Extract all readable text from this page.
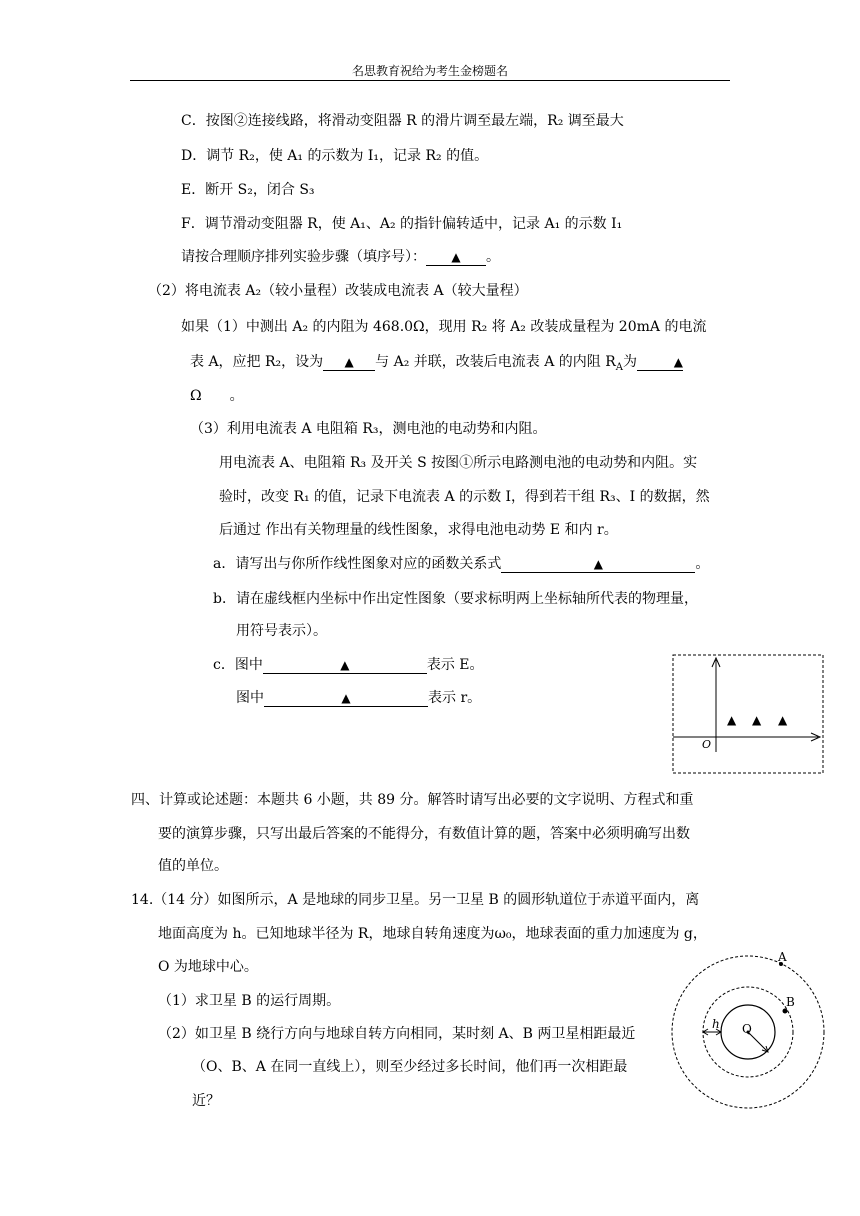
名思教育祝给为考生金榜题名
C．按图②连接线路，将滑动变阻器 R 的滑片调至最左端，R₂ 调至最大
D．调节 R₂，使 A₁ 的示数为 I₁，记录 R₂ 的值。
E．断开 S₂，闭合 S₃
F．调节滑动变阻器 R，使 A₁、A₂ 的指针偏转适中，记录 A₁ 的示数 I₁
请按合理顺序排列实验步骤（填序号）： ▲ 。
（2）将电流表 A₂（较小量程）改装成电流表 A（较大量程）
如果（1）中测出 A₂ 的内阻为 468.0Ω，现用 R₂ 将 A₂ 改装成量程为 20mA 的电流
表 A，应把 R₂，设为 ▲ 与 A₂ 并联，改装后电流表 A 的内阻 $R_A$为	▲
Ω　　。
（3）利用电流表 A 电阻箱 R₃，测电池的电动势和内阻。
用电流表 A、电阻箱 R₃ 及开关 S 按图①所示电路测电池的电动势和内阻。实
验时，改变 R₁ 的值，记录下电流表 A 的示数 I，得到若干组 R₃、I 的数据，然
后通过 作出有关物理量的线性图象，求得电池电动势 E 和内 r。
a．请写出与你所作线性图象对应的函数关系式	▲	。
b．请在虚线框内坐标中作出定性图象（要求标明两上坐标轴所代表的物理量，
用符号表示）。
c．图中	▲	表示 E。
图中	▲	表示 r。
O
▲ ▲ ▲
四、计算或论述题：本题共 6 小题，共 89 分。解答时请写出必要的文字说明、方程式和重
要的演算步骤，只写出最后答案的不能得分，有数值计算的题，答案中必须明确写出数
值的单位。
14.（14 分）如图所示，A 是地球的同步卫星。另一卫星 B 的圆形轨道位于赤道平面内，离
地面高度为 h。已知地球半径为 R，地球自转角速度为ω₀，地球表面的重力加速度为 g，
O 为地球中心。
（1）求卫星 B 的运行周期。
（2）如卫星 B 绕行方向与地球自转方向相同，某时刻 A、B 两卫星相距最近
（O、B、A 在同一直线上），则至少经过多长时间，他们再一次相距最
近？
h Q
B
A
